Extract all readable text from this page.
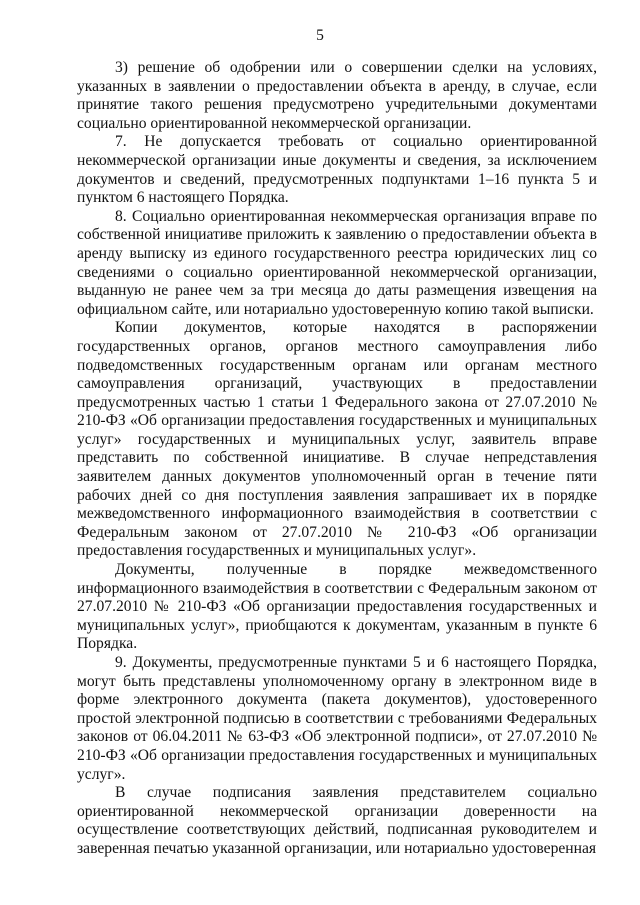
5

3) решение об одобрении или о совершении сделки на условиях, указанных в заявлении о предоставлении объекта в аренду, в случае, если принятие такого решения предусмотрено учредительными документами социально ориентированной некоммерческой организации.

7. Не допускается требовать от социально ориентированной некоммерческой организации иные документы и сведения, за исключением документов и сведений, предусмотренных подпунктами 1–16 пункта 5 и пунктом 6 настоящего Порядка.

8. Социально ориентированная некоммерческая организация вправе по собственной инициативе приложить к заявлению о предоставлении объекта в аренду выписку из единого государственного реестра юридических лиц со сведениями о социально ориентированной некоммерческой организации, выданную не ранее чем за три месяца до даты размещения извещения на официальном сайте, или нотариально удостоверенную копию такой выписки.

Копии документов, которые находятся в распоряжении государственных органов, органов местного самоуправления либо подведомственных государственным органам или органам местного самоуправления организаций, участвующих в предоставлении предусмотренных частью 1 статьи 1 Федерального закона от 27.07.2010 № 210-ФЗ «Об организации предоставления государственных и муниципальных услуг» государственных и муниципальных услуг, заявитель вправе представить по собственной инициативе. В случае непредставления заявителем данных документов уполномоченный орган в течение пяти рабочих дней со дня поступления заявления запрашивает их в порядке межведомственного информационного взаимодействия в соответствии с Федеральным законом от 27.07.2010 № 210-ФЗ «Об организации предоставления государственных и муниципальных услуг».

Документы, полученные в порядке межведомственного информационного взаимодействия в соответствии с Федеральным законом от 27.07.2010 № 210-ФЗ «Об организации предоставления государственных и муниципальных услуг», приобщаются к документам, указанным в пункте 6 Порядка.

9. Документы, предусмотренные пунктами 5 и 6 настоящего Порядка, могут быть представлены уполномоченному органу в электронном виде в форме электронного документа (пакета документов), удостоверенного простой электронной подписью в соответствии с требованиями Федеральных законов от 06.04.2011 № 63-ФЗ «Об электронной подписи», от 27.07.2010 № 210-ФЗ «Об организации предоставления государственных и муниципальных услуг».

В случае подписания заявления представителем социально ориентированной некоммерческой организации доверенности на осуществление соответствующих действий, подписанная руководителем и заверенная печатью указанной организации, или нотариально удостоверенная
